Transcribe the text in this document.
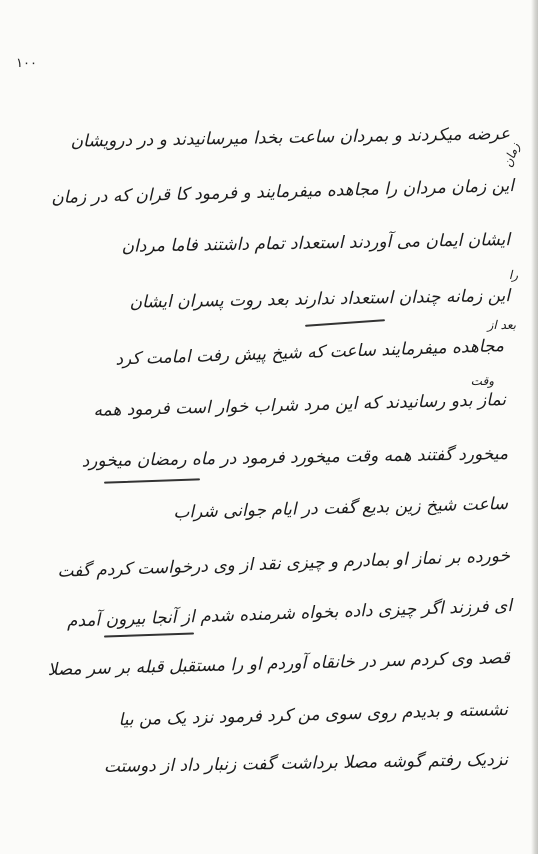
۱۰۰
عرضه میکردند و بمردان ساعت بخدا میرسانیدند و در درویشان
این زمان مردان را مجاهده میفرمایند و فرمود کا قران که در زمان
ایشان ایمان می آوردند استعداد تمام داشتند فاما مردان
این زمانه چندان استعداد ندارند بعد روت پسران ایشان
مجاهده میفرمایند ساعت که شیخ پیش رفت امامت کرد
نماز بدو رسانیدند که این مرد شراب خوار است فرمود همه
میخورد گفتند همه وقت میخورد فرمود در ماه رمضان میخورد
ساعت شیخ زین بدیع گفت در ایام جوانی شراب
خورده بر نماز او بمادرم و چیزی نقد از وی درخواست کردم گفت
ای فرزند اگر چیزی داده بخواه شرمنده شدم از آنجا بیرون آمدم
قصد وی کردم سر در خانقاه آوردم او را مستقبل قبله بر سر مصلا
نشسته و بدیدم روی سوی من کرد فرمود نزد یک من بیا
نزدیک رفتم گوشه مصلا برداشت گفت زنبار داد از دوستت
زمان
را
بعد از
وقت
